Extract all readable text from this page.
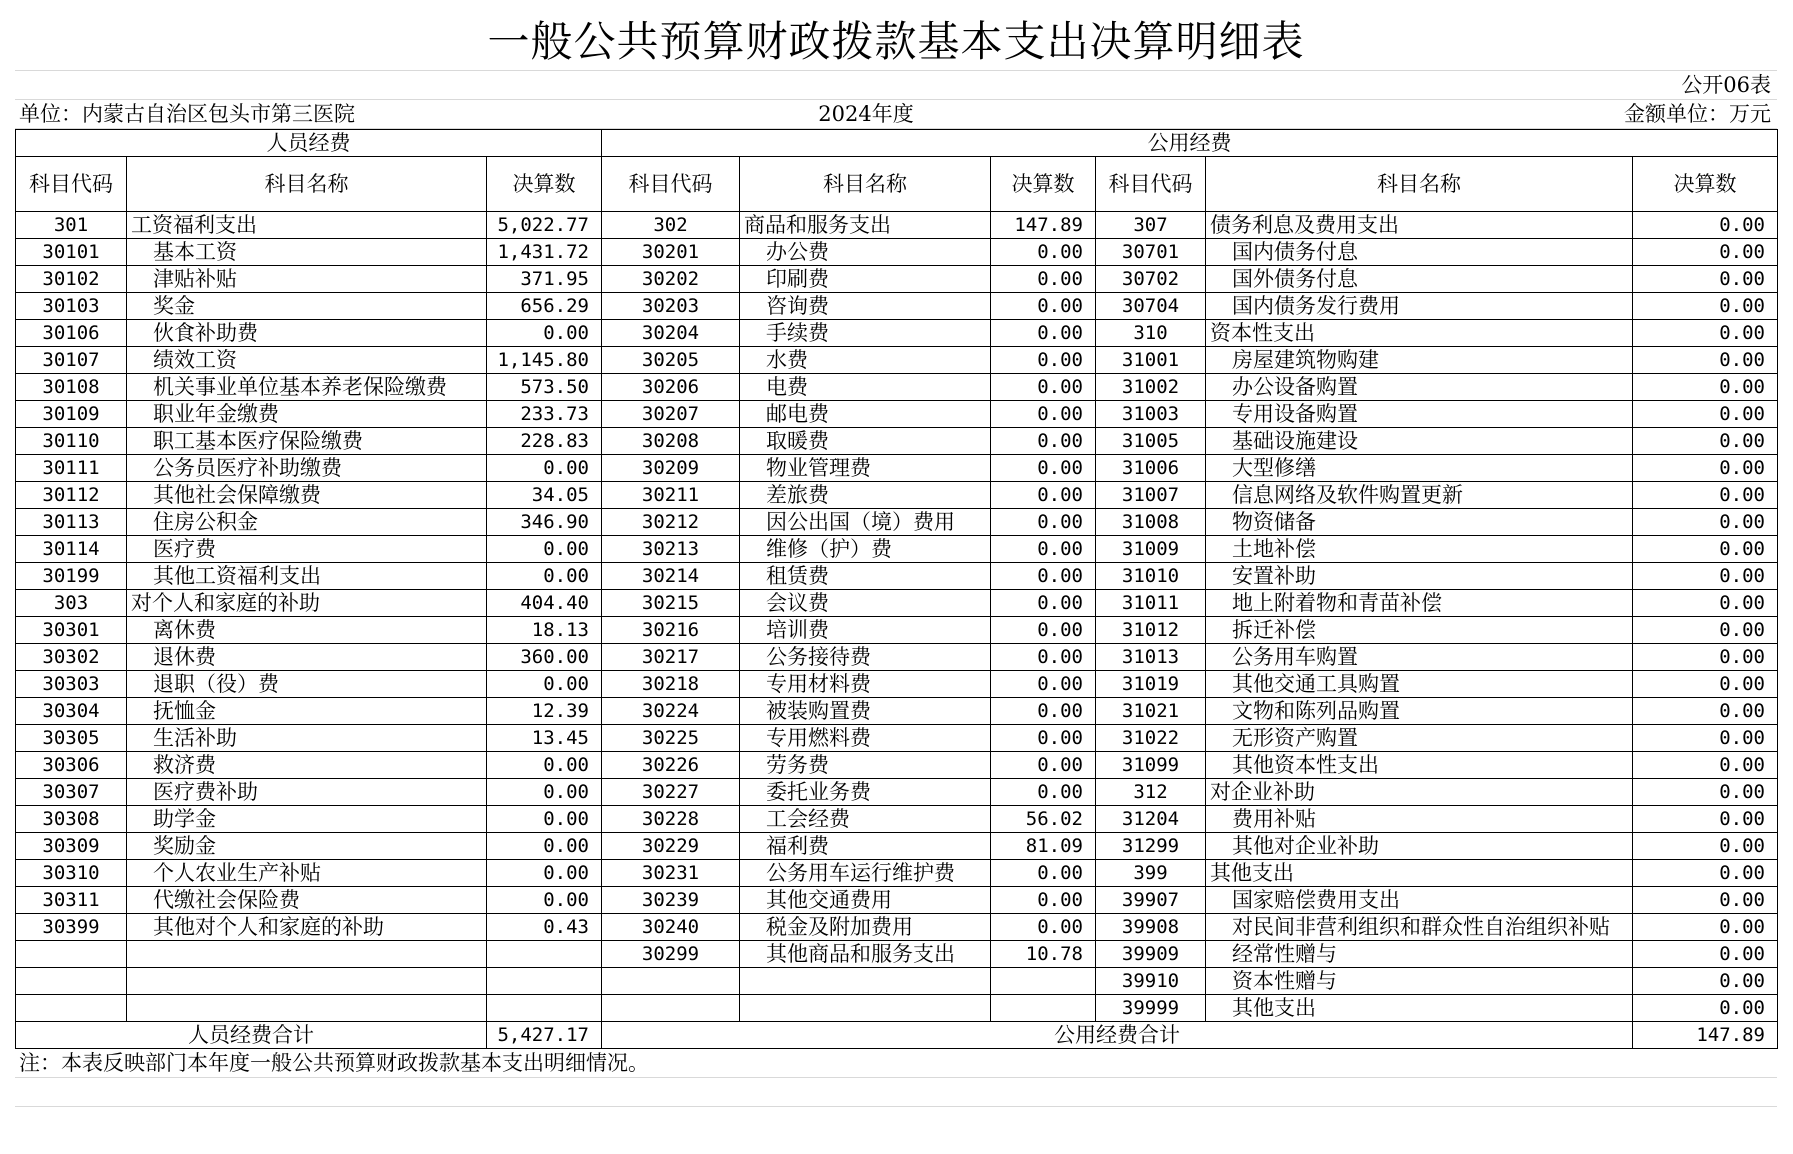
一般公共预算财政拨款基本支出决算明细表
公开06表
单位：内蒙古自治区包头市第三医院	2024年度	金额单位：万元
人员经费			公用经费					
科目代码	科目名称	决算数	科目代码	科目名称	决算数	科目代码	科目名称	决算数
301	工资福利支出	5,022.77	302	商品和服务支出	147.89	307	债务利息及费用支出	0.00
30101	基本工资	1,431.72	30201	办公费	0.00	30701	国内债务付息	0.00
30102	津贴补贴	371.95	30202	印刷费	0.00	30702	国外债务付息	0.00
30103	奖金	656.29	30203	咨询费	0.00	30704	国内债务发行费用	0.00
30106	伙食补助费	0.00	30204	手续费	0.00	310	资本性支出	0.00
30107	绩效工资	1,145.80	30205	水费	0.00	31001	房屋建筑物购建	0.00
30108	机关事业单位基本养老保险缴费	573.50	30206	电费	0.00	31002	办公设备购置	0.00
30109	职业年金缴费	233.73	30207	邮电费	0.00	31003	专用设备购置	0.00
30110	职工基本医疗保险缴费	228.83	30208	取暖费	0.00	31005	基础设施建设	0.00
30111	公务员医疗补助缴费	0.00	30209	物业管理费	0.00	31006	大型修缮	0.00
30112	其他社会保障缴费	34.05	30211	差旅费	0.00	31007	信息网络及软件购置更新	0.00
30113	住房公积金	346.90	30212	因公出国（境）费用	0.00	31008	物资储备	0.00
30114	医疗费	0.00	30213	维修（护）费	0.00	31009	土地补偿	0.00
30199	其他工资福利支出	0.00	30214	租赁费	0.00	31010	安置补助	0.00
303	对个人和家庭的补助	404.40	30215	会议费	0.00	31011	地上附着物和青苗补偿	0.00
30301	离休费	18.13	30216	培训费	0.00	31012	拆迁补偿	0.00
30302	退休费	360.00	30217	公务接待费	0.00	31013	公务用车购置	0.00
30303	退职（役）费	0.00	30218	专用材料费	0.00	31019	其他交通工具购置	0.00
30304	抚恤金	12.39	30224	被装购置费	0.00	31021	文物和陈列品购置	0.00
30305	生活补助	13.45	30225	专用燃料费	0.00	31022	无形资产购置	0.00
30306	救济费	0.00	30226	劳务费	0.00	31099	其他资本性支出	0.00
30307	医疗费补助	0.00	30227	委托业务费	0.00	312	对企业补助	0.00
30308	助学金	0.00	30228	工会经费	56.02	31204	费用补贴	0.00
30309	奖励金	0.00	30229	福利费	81.09	31299	其他对企业补助	0.00
30310	个人农业生产补贴	0.00	30231	公务用车运行维护费	0.00	399	其他支出	0.00
30311	代缴社会保险费	0.00	30239	其他交通费用	0.00	39907	国家赔偿费用支出	0.00
30399	其他对个人和家庭的补助	0.43	30240	税金及附加费用	0.00	39908	对民间非营利组织和群众性自治组织补贴	0.00
			30299	其他商品和服务支出	10.78	39909	经常性赠与	0.00
						39910	资本性赠与	0.00
						39999	其他支出	0.00
人员经费合计		5,427.17	公用经费合计					147.89
注：本表反映部门本年度一般公共预算财政拨款基本支出明细情况。
